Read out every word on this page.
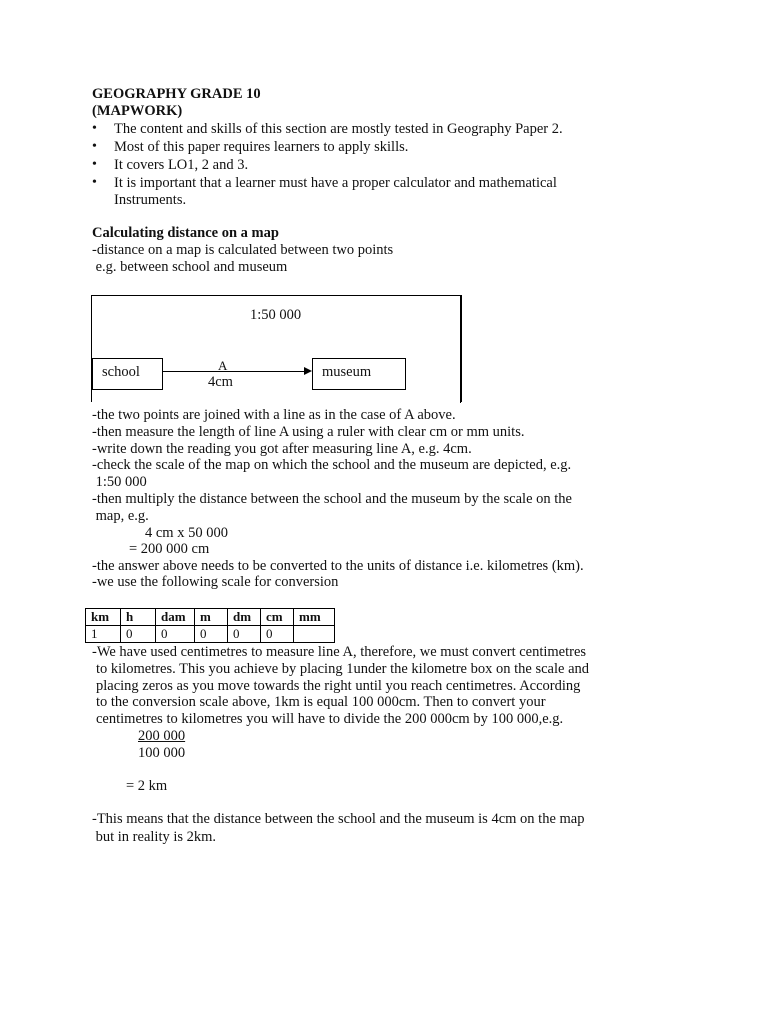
GEOGRAPHY GRADE 10
(MAPWORK)
• The content and skills of this section are mostly tested in Geography Paper 2.
• Most of this paper requires learners to apply skills.
• It covers LO1, 2 and 3.
• It is important that a learner must have a proper calculator and mathematical
Instruments.
Calculating distance on a map
-distance on a map is calculated between two points
e.g. between school and museum
1:50 000
school	museum
A
4cm
-the two points are joined with a line as in the case of A above.
-then measure the length of line A using a ruler with clear cm or mm units.
-write down the reading you got after measuring line A, e.g. 4cm.
-check the scale of the map on which the school and the museum are depicted, e.g.
1:50 000
-then multiply the distance between the school and the museum by the scale on the
map, e.g.
4 cm x 50 000
= 200 000 cm
-the answer above needs to be converted to the units of distance i.e. kilometres (km).
-we use the following scale for conversion
km	h	dam	m	dm	cm	mm
1	0	0	0	0	0	
-We have used centimetres to measure line A, therefore, we must convert centimetres
to kilometres. This you achieve by placing 1under the kilometre box on the scale and
placing zeros as you move towards the right until you reach centimetres. According
to the conversion scale above, 1km is equal 100 000cm. Then to convert your
centimetres to kilometres you will have to divide the 200 000cm by 100 000,e.g.
200 000
100 000
= 2 km
-This means that the distance between the school and the museum is 4cm on the map
but in reality is 2km.
